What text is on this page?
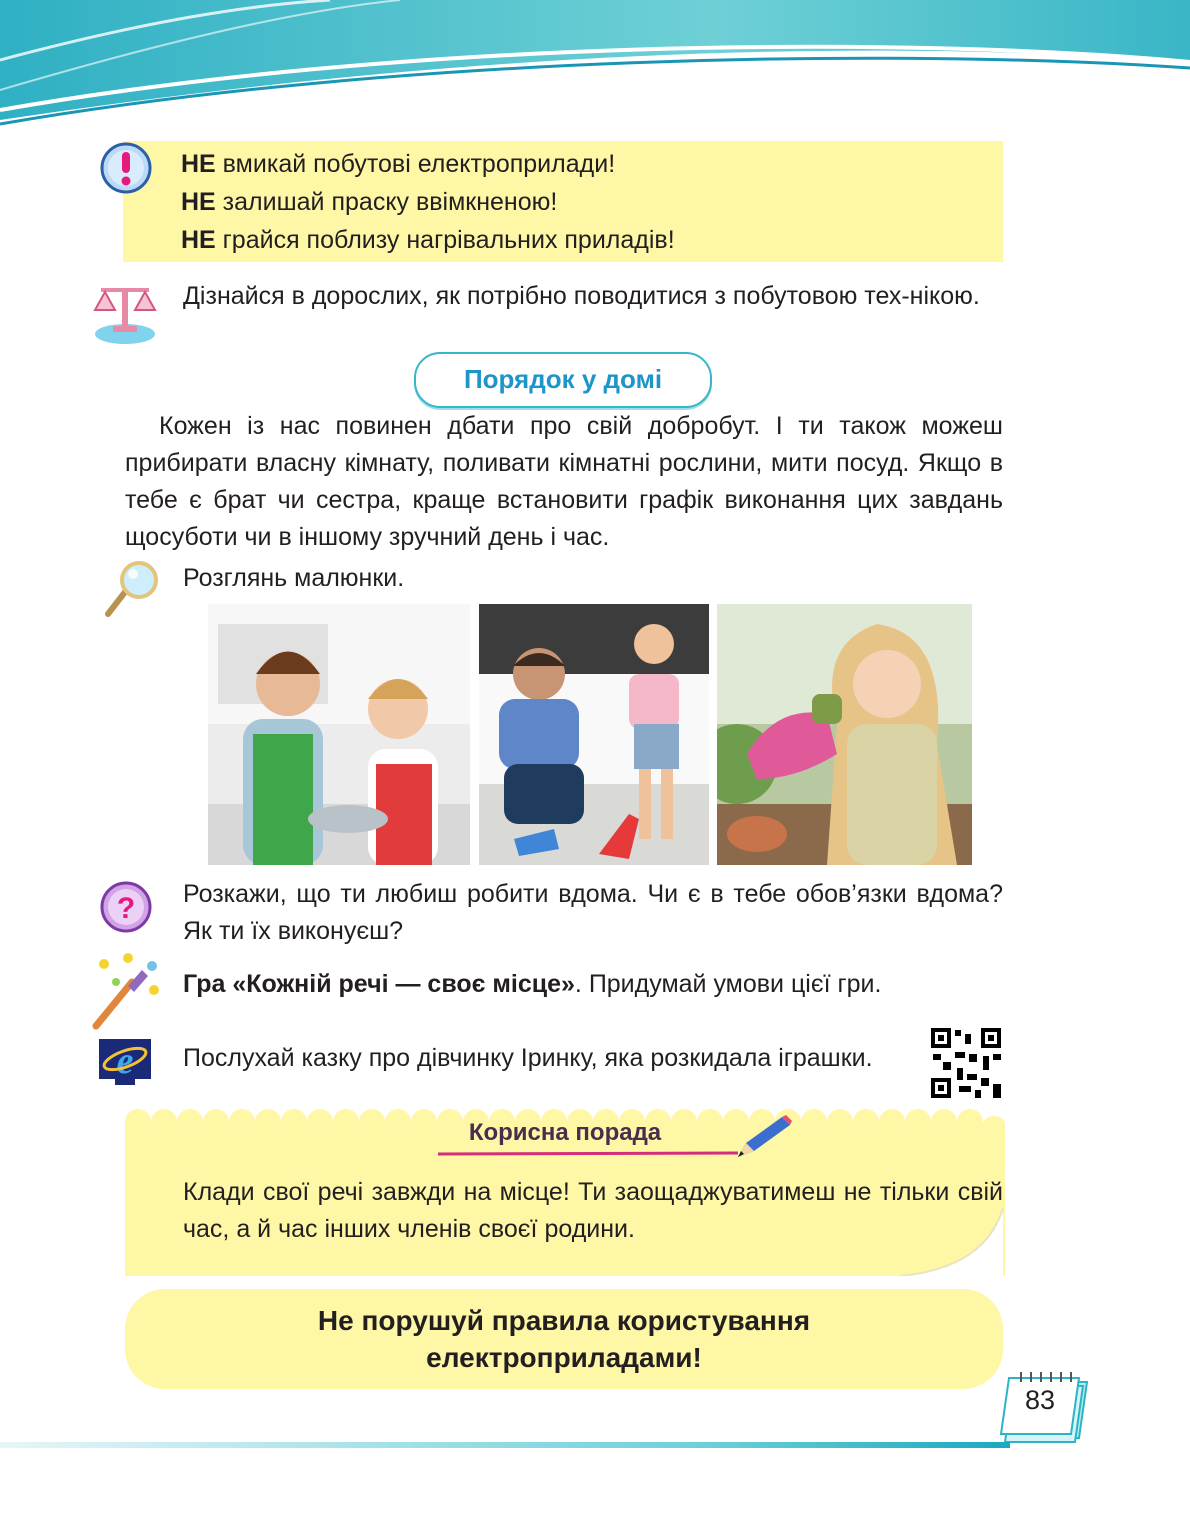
НЕ вмикай побутові електроприлади!
НЕ залишай праску ввімкненою!
НЕ грайся поблизу нагрівальних приладів!
Дізнайся в дорослих, як потрібно поводитися з побутовою тех-нікою.
Порядок у домі
Кожен із нас повинен дбати про свій добробут. І ти також можеш прибирати власну кімнату, поливати кімнатні рослини, мити посуд. Якщо в тебе є брат чи сестра, краще встановити графік виконання цих завдань щосуботи чи в іншому зручний день і час.
Розглянь малюнки.
? Розкажи, що ти любиш робити вдома. Чи є в тебе обов’язки вдома? Як ти їх виконуєш?
Гра «Кожній речі — своє місце». Придумай умови цієї гри.
e Послухай казку про дівчинку Іринку, яка розкидала іграшки.
Корисна порада
Клади свої речі завжди на місце! Ти заощаджуватимеш не тільки свій час, а й час інших членів своєї родини.
Не порушуй правила користування
електроприладами!
83
